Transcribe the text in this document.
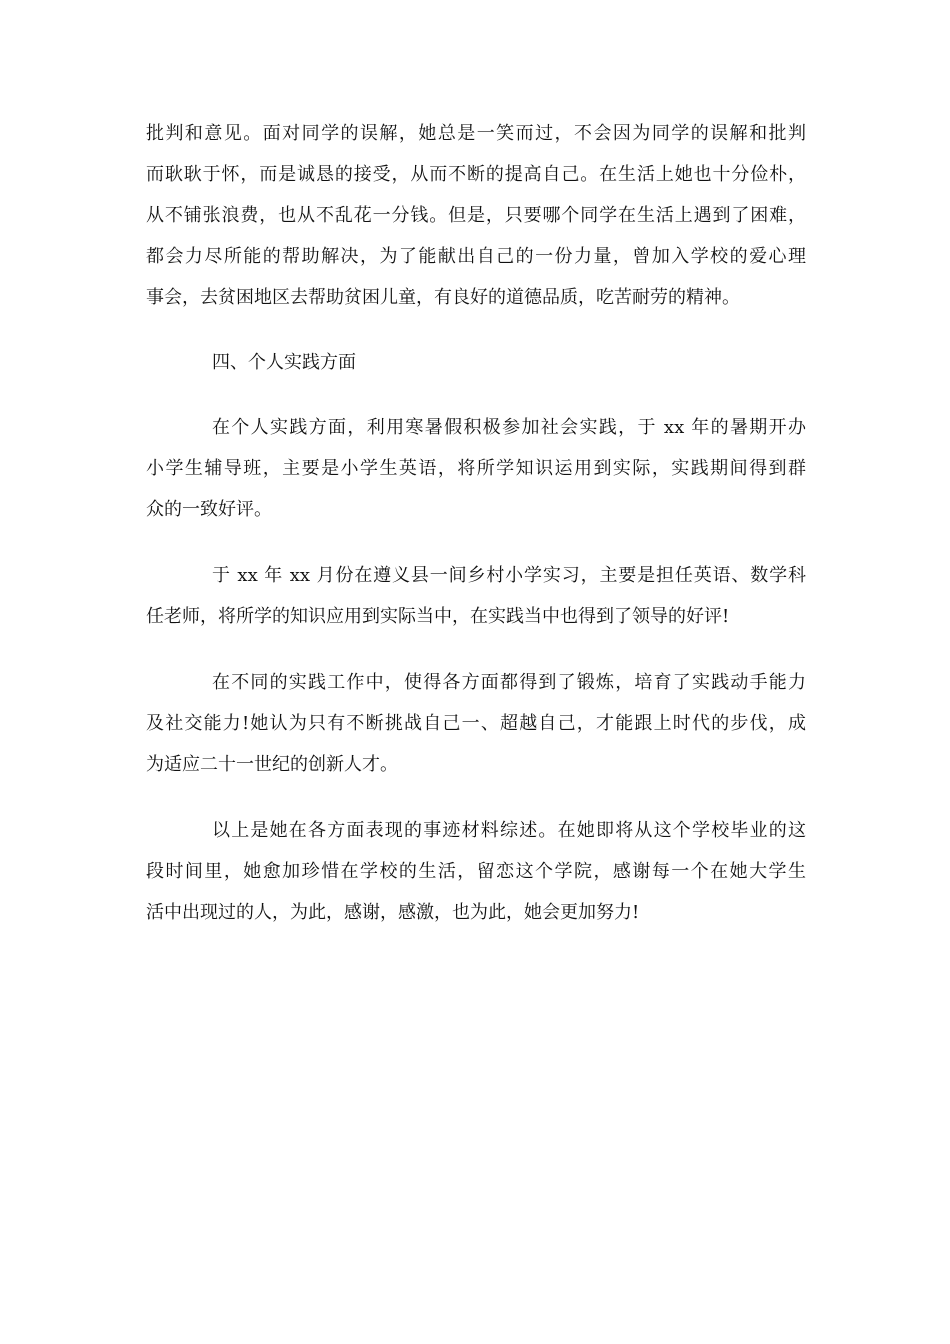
批判和意见。面对同学的误解，她总是一笑而过，不会因为同学的误解和批判
而耿耿于怀，而是诚恳的接受，从而不断的提高自己。在生活上她也十分俭朴，
从不铺张浪费，也从不乱花一分钱。但是，只要哪个同学在生活上遇到了困难，
都会力尽所能的帮助解决，为了能献出自己的一份力量，曾加入学校的爱心理
事会，去贫困地区去帮助贫困儿童，有良好的道德品质，吃苦耐劳的精神。
四、个人实践方面
在个人实践方面，利用寒暑假积极参加社会实践，于 xx 年的暑期开办
小学生辅导班，主要是小学生英语，将所学知识运用到实际，实践期间得到群
众的一致好评。
于 xx 年 xx 月份在遵义县一间乡村小学实习，主要是担任英语、数学科
任老师，将所学的知识应用到实际当中，在实践当中也得到了领导的好评!
在不同的实践工作中，使得各方面都得到了锻炼，培育了实践动手能力
及社交能力!她认为只有不断挑战自己一、超越自己，才能跟上时代的步伐，成
为适应二十一世纪的创新人才。
以上是她在各方面表现的事迹材料综述。在她即将从这个学校毕业的这
段时间里，她愈加珍惜在学校的生活，留恋这个学院，感谢每一个在她大学生
活中出现过的人，为此，感谢，感激，也为此，她会更加努力!
